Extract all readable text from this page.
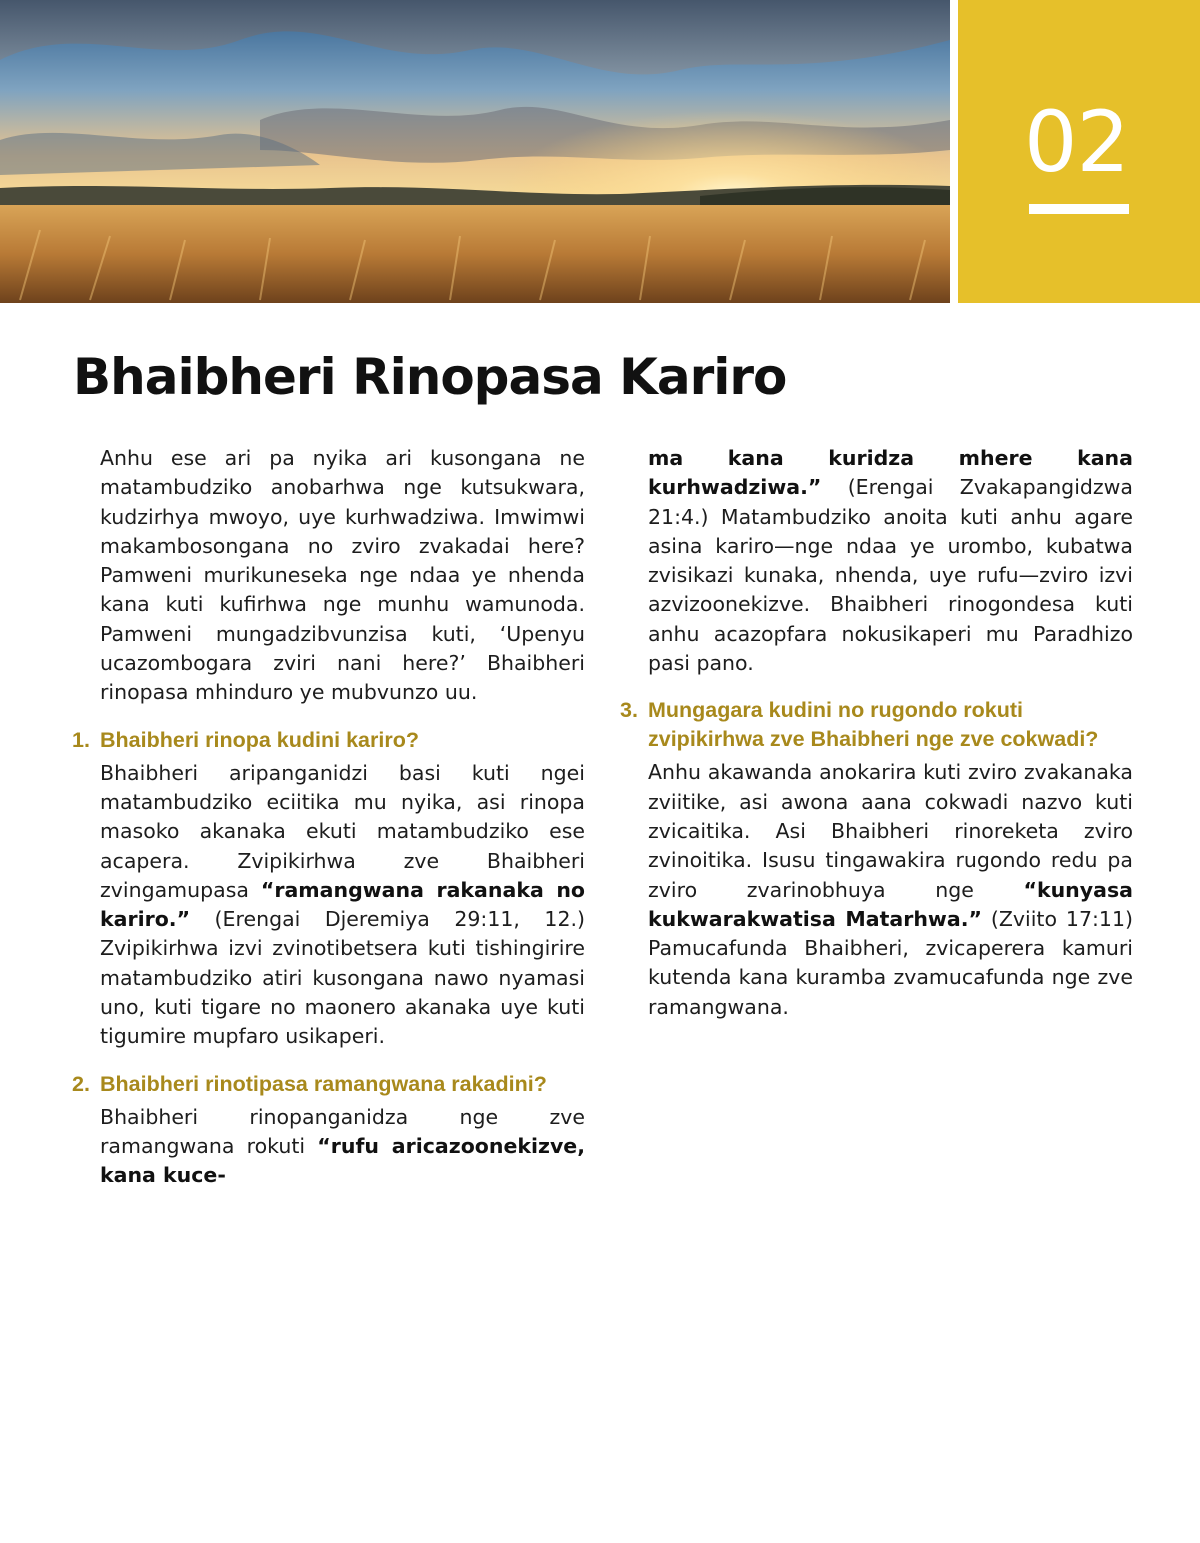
02
Bhaibheri Rinopasa Kariro

Anhu ese ari pa nyika ari kusongana ne matambudziko anobarhwa nge kutsukwara, kudzirhya mwoyo, uye kurhwadziwa. Imwimwi makambosongana no zviro zvakadai here? Pamweni murikuneseka nge ndaa ye nhenda kana kuti kufirhwa nge munhu wamunoda. Pamweni mungadzibvunzisa kuti, ‘Upenyu ucazombogara zviri nani here?’ Bhaibheri rinopasa mhinduro ye mubvunzo uu.

1. Bhaibheri rinopa kudini kariro?

Bhaibheri aripanganidzi basi kuti ngei matambudziko eciitika mu nyika, asi rinopa masoko akanaka ekuti matambudziko ese acapera. Zvipikirhwa zve Bhaibheri zvingamupasa “ramangwana rakanaka no kariro.” (Erengai Djeremiya 29:11, 12.) Zvipikirhwa izvi zvinotibetsera kuti tishingirire matambudziko atiri kusongana nawo nyamasi uno, kuti tigare no maonero akanaka uye kuti tigumire mupfaro usikaperi.

2. Bhaibheri rinotipasa ramangwana rakadini?

Bhaibheri rinopanganidza nge zve ramangwana rokuti “rufu aricazoonekizve, kana kuce-

ma kana kuridza mhere kana kurhwadziwa.” (Erengai Zvakapangidzwa 21:4.) Matambudziko anoita kuti anhu agare asina kariro—nge ndaa ye urombo, kubatwa zvisikazi kunaka, nhenda, uye rufu—zviro izvi azvizoonekizve. Bhaibheri rinogondesa kuti anhu acazopfara nokusikaperi mu Paradhizo pasi pano.

3. Mungagara kudini no rugondo rokuti zvipikirhwa zve Bhaibheri nge zve cokwadi?

Anhu akawanda anokarira kuti zviro zvakanaka zviitike, asi awona aana cokwadi nazvo kuti zvicaitika. Asi Bhaibheri rinoreketa zviro zvinoitika. Isusu tingawakira rugondo redu pa zviro zvarinobhuya nge “kunyasa kukwarakwatisa Matarhwa.” (Zviito 17:11) Pamucafunda Bhaibheri, zvicaperera kamuri kutenda kana kuramba zvamucafunda nge zve ramangwana.
